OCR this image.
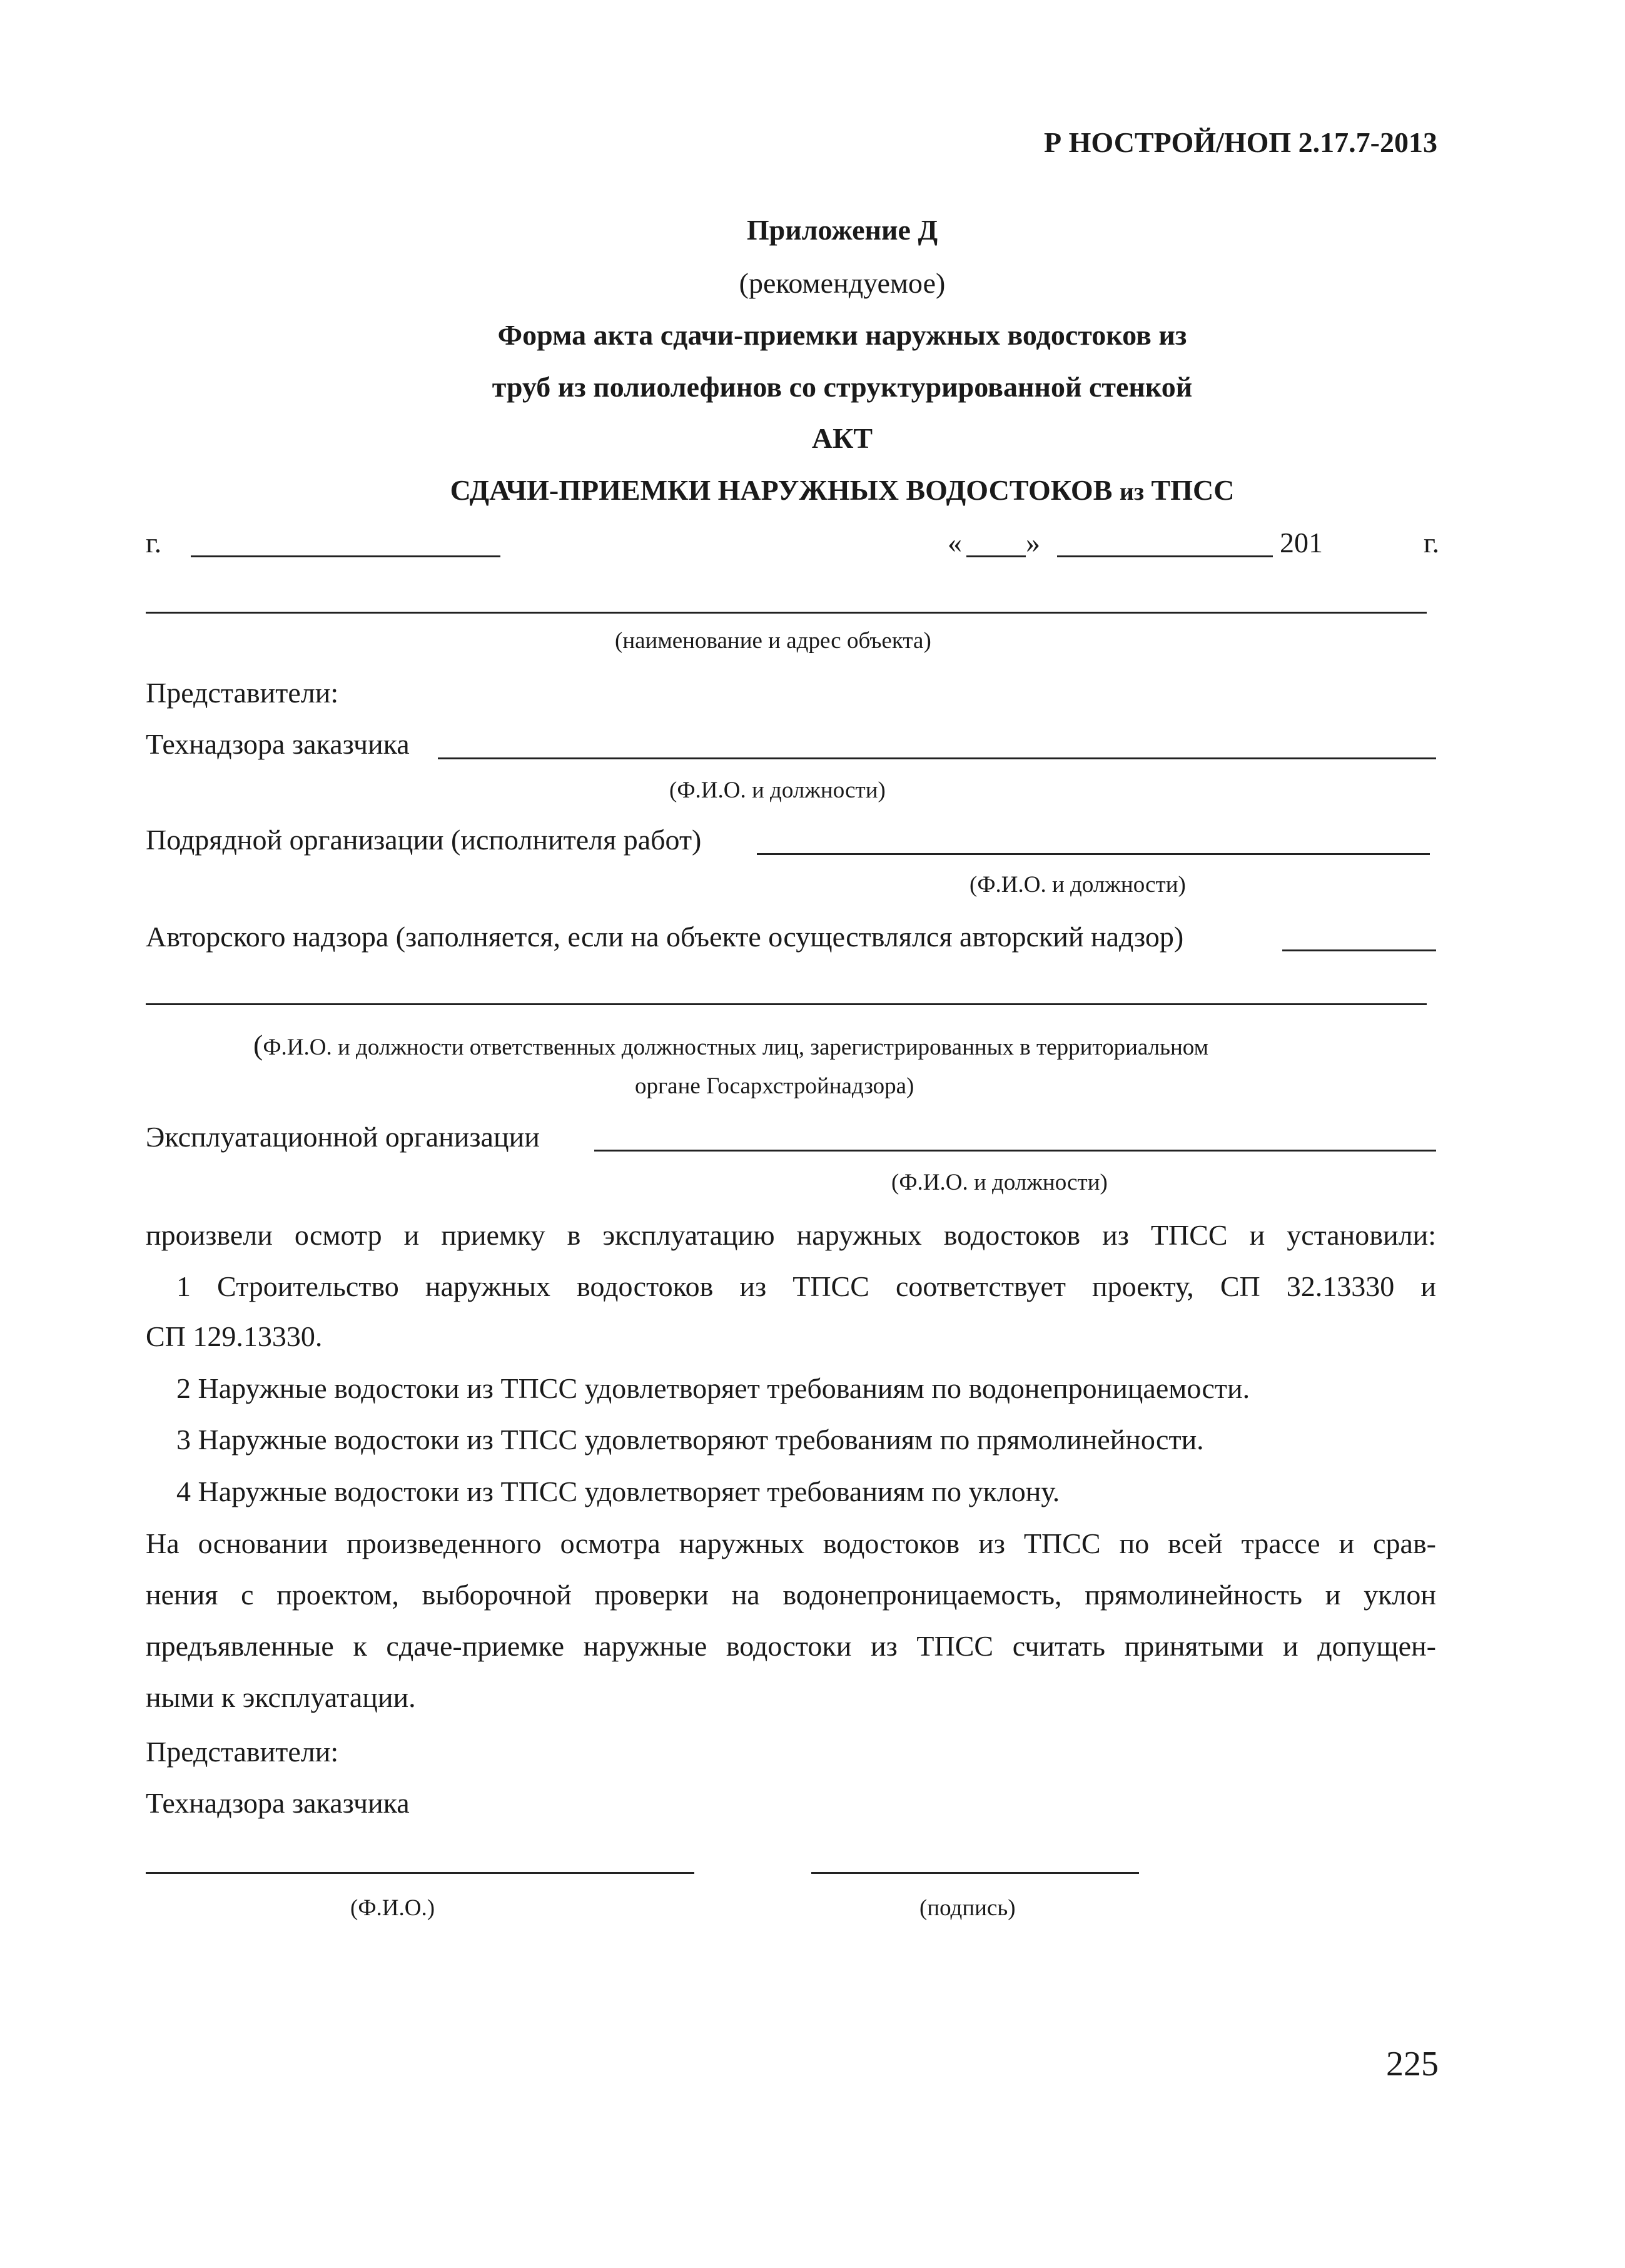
Р НОСТРОЙ/НОП 2.17.7-2013
Приложение Д
(рекомендуемое)
Форма акта сдачи-приемки наружных водостоков из
труб из полиолефинов со структурированной стенкой
АКТ
СДАЧИ-ПРИЕМКИ НАРУЖНЫХ ВОДОСТОКОВ из ТПСС
г.	« »	201	г.
(наименование и адрес объекта)
Представители:
Технадзора заказчика
(Ф.И.О. и должности)
Подрядной организации (исполнителя работ)
(Ф.И.О. и должности)
Авторского надзора (заполняется, если на объекте осуществлялся авторский надзор)
(Ф.И.О. и должности ответственных должностных лиц, зарегистрированных в территориальном
органе Госархстройнадзора)
Эксплуатационной организации
(Ф.И.О. и должности)
произвели осмотр и приемку в эксплуатацию наружных водостоков из ТПСС и установили:
1 Строительство наружных водостоков из ТПСС соответствует проекту, СП 32.13330 и
СП 129.13330.
2 Наружные водостоки из ТПСС удовлетворяет требованиям по водонепроницаемости.
3 Наружные водостоки из ТПСС удовлетворяют требованиям по прямолинейности.
4 Наружные водостоки из ТПСС удовлетворяет требованиям по уклону.
На основании произведенного осмотра наружных водостоков из ТПСС по всей трассе и срав-
нения с проектом, выборочной проверки на водонепроницаемость, прямолинейность и уклон
предъявленные к сдаче-приемке наружные водостоки из ТПСС считать принятыми и допущен-
ными к эксплуатации.
Представители:
Технадзора заказчика
(Ф.И.О.)	(подпись)
225
